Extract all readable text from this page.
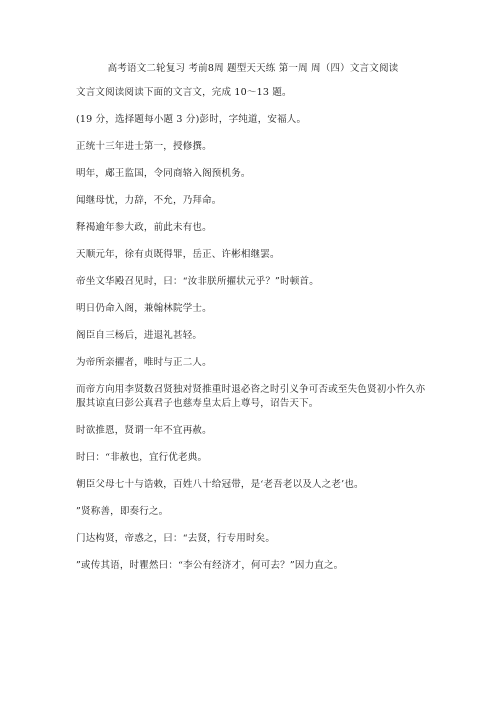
高考语文二轮复习 考前8周 题型天天练 第一周 周（四）文言文阅读
文言文阅读阅读下面的文言文，完成 10～13 题。
(19 分，选择题每小题 3 分)彭时，字纯道，安福人。
正统十三年进士第一，授修撰。
明年，郕王监国，令同商辂入阁预机务。
闻继母忧，力辞，不允，乃拜命。
释褐逾年参大政，前此未有也。
天顺元年，徐有贞既得罪，岳正、许彬相继罢。
帝坐文华殿召见时，曰：“汝非朕所擢状元乎？”时顿首。
明日仍命入阁，兼翰林院学士。
阁臣自三杨后，进退礼甚轻。
为帝所亲擢者，唯时与正二人。
而帝方向用李贤数召贤独对贤推重时退必咨之时引义争可否或至失色贤初小忤久亦服其谅直曰彭公真君子也慈寿皇太后上尊号，诏告天下。
时欲推恩，贤谓一年不宜再赦。
时曰：“非赦也，宜行优老典。
朝臣父母七十与诰敕，百姓八十给冠带，是‘老吾老以及人之老’也。
”贤称善，即奏行之。
门达构贤，帝惑之，曰：“去贤，行专用时矣。
”或传其语，时瞿然曰：“李公有经济才，何可去？”因力直之。
